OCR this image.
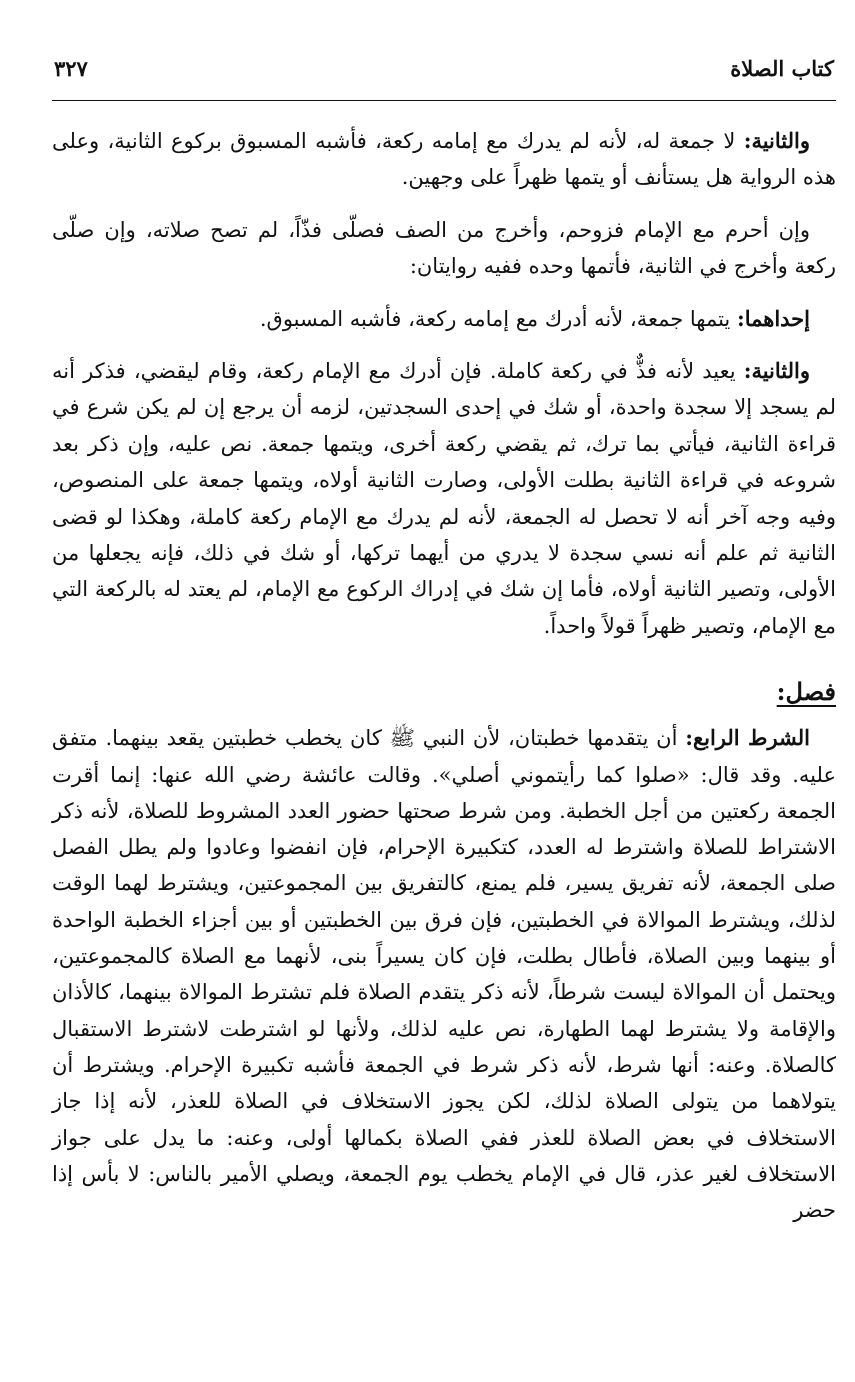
كتاب الصلاة
٣٢٧

والثانية: لا جمعة له، لأنه لم يدرك مع إمامه ركعة، فأشبه المسبوق بركوع الثانية، وعلى هذه الرواية هل يستأنف أو يتمها ظهراً على وجهين.

وإن أحرم مع الإمام فزوحم، وأخرج من الصف فصلّى فذّاً، لم تصح صلاته، وإن صلّى ركعة وأخرج في الثانية، فأتمها وحده ففيه روايتان:

إحداهما: يتمها جمعة، لأنه أدرك مع إمامه ركعة، فأشبه المسبوق.

والثانية: يعيد لأنه فذٌّ في ركعة كاملة. فإن أدرك مع الإمام ركعة، وقام ليقضي، فذكر أنه لم يسجد إلا سجدة واحدة، أو شك في إحدى السجدتين، لزمه أن يرجع إن لم يكن شرع في قراءة الثانية، فيأتي بما ترك، ثم يقضي ركعة أخرى، ويتمها جمعة. نص عليه، وإن ذكر بعد شروعه في قراءة الثانية بطلت الأولى، وصارت الثانية أولاه، ويتمها جمعة على المنصوص، وفيه وجه آخر أنه لا تحصل له الجمعة، لأنه لم يدرك مع الإمام ركعة كاملة، وهكذا لو قضى الثانية ثم علم أنه نسي سجدة لا يدري من أيهما تركها، أو شك في ذلك، فإنه يجعلها من الأولى، وتصير الثانية أولاه، فأما إن شك في إدراك الركوع مع الإمام، لم يعتد له بالركعة التي مع الإمام، وتصير ظهراً قولاً واحداً.

فصل:

الشرط الرابع: أن يتقدمها خطبتان، لأن النبي ﷺ كان يخطب خطبتين يقعد بينهما. متفق عليه. وقد قال: «صلوا كما رأيتموني أصلي». وقالت عائشة رضي الله عنها: إنما أقرت الجمعة ركعتين من أجل الخطبة. ومن شرط صحتها حضور العدد المشروط للصلاة، لأنه ذكر الاشتراط للصلاة واشترط له العدد، كتكبيرة الإحرام، فإن انفضوا وعادوا ولم يطل الفصل صلى الجمعة، لأنه تفريق يسير، فلم يمنع، كالتفريق بين المجموعتين، ويشترط لهما الوقت لذلك، ويشترط الموالاة في الخطبتين، فإن فرق بين الخطبتين أو بين أجزاء الخطبة الواحدة أو بينهما وبين الصلاة، فأطال بطلت، فإن كان يسيراً بنى، لأنهما مع الصلاة كالمجموعتين، ويحتمل أن الموالاة ليست شرطاً، لأنه ذكر يتقدم الصلاة فلم تشترط الموالاة بينهما، كالأذان والإقامة ولا يشترط لهما الطهارة، نص عليه لذلك، ولأنها لو اشترطت لاشترط الاستقبال كالصلاة. وعنه: أنها شرط، لأنه ذكر شرط في الجمعة فأشبه تكبيرة الإحرام. ويشترط أن يتولاهما من يتولى الصلاة لذلك، لكن يجوز الاستخلاف في الصلاة للعذر، لأنه إذا جاز الاستخلاف في بعض الصلاة للعذر ففي الصلاة بكمالها أولى، وعنه: ما يدل على جواز الاستخلاف لغير عذر، قال في الإمام يخطب يوم الجمعة، ويصلي الأمير بالناس: لا بأس إذا حضر
